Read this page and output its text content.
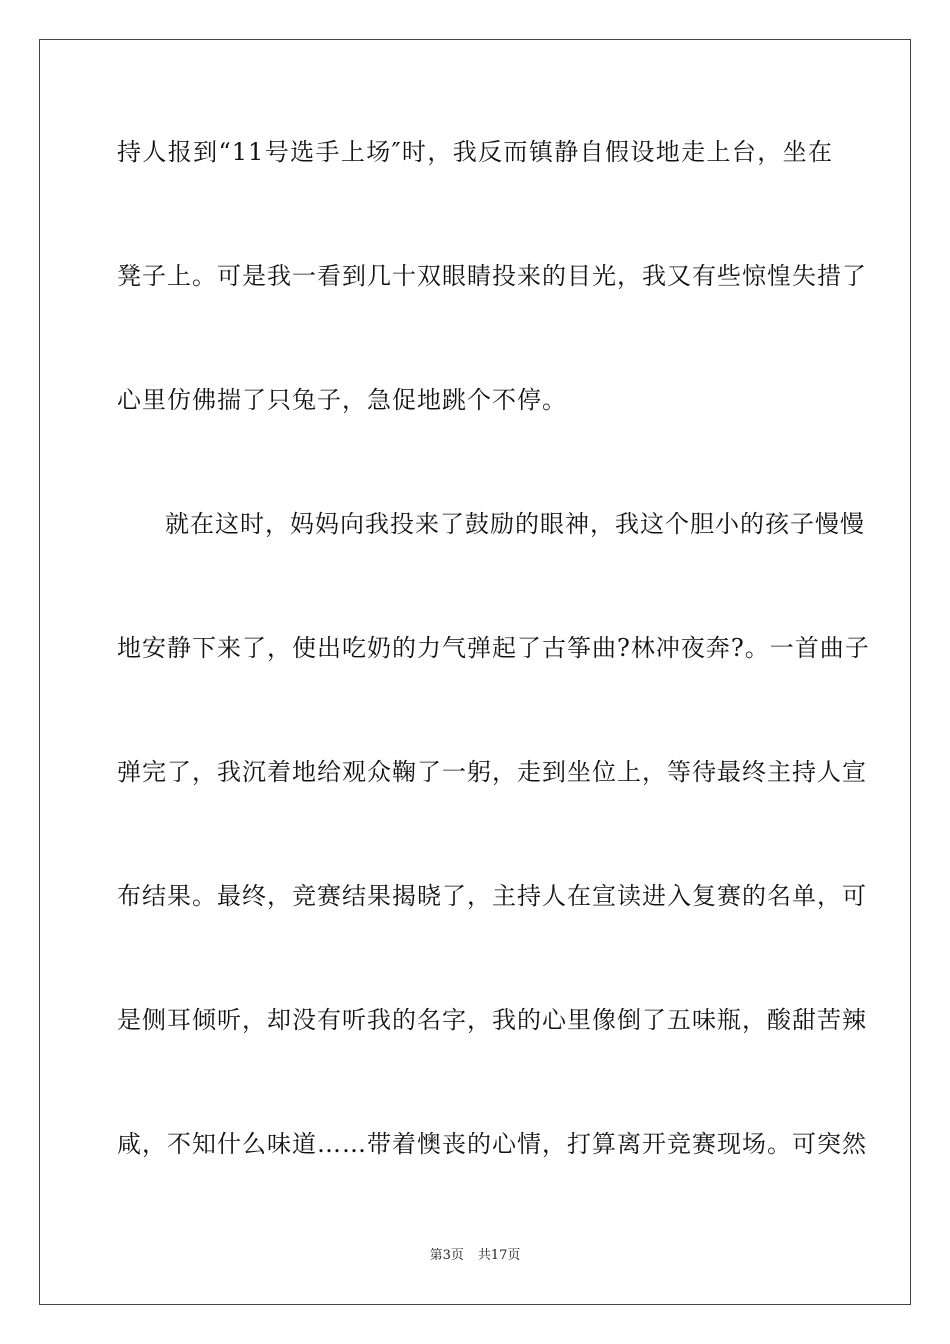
持人报到“11号选手上场″时，我反而镇静自假设地走上台，坐在
凳子上。可是我一看到几十双眼睛投来的目光，我又有些惊惶失措了
心里仿佛揣了只兔子，急促地跳个不停。
就在这时，妈妈向我投来了鼓励的眼神，我这个胆小的孩子慢慢
地安静下来了，使出吃奶的力气弹起了古筝曲?林冲夜奔?。一首曲子
弹完了，我沉着地给观众鞠了一躬，走到坐位上，等待最终主持人宣
布结果。最终，竞赛结果揭晓了，主持人在宣读进入复赛的名单，可
是侧耳倾听，却没有听我的名字，我的心里像倒了五味瓶，酸甜苦辣
咸，不知什么味道……带着懊丧的心情，打算离开竞赛现场。可突然
第3页 共17页
